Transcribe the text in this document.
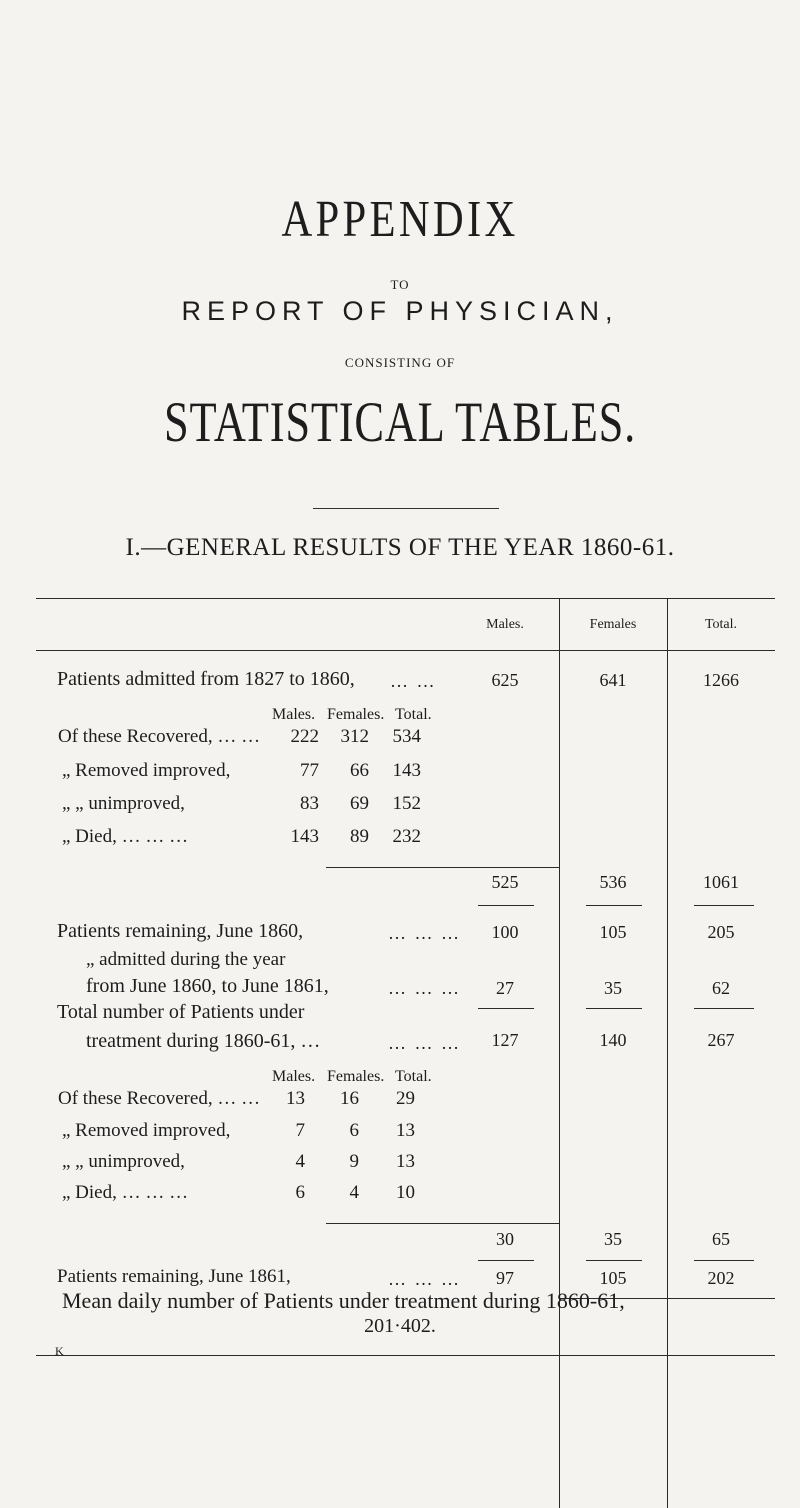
APPENDIX
TO
REPORT OF PHYSICIAN,
CONSISTING OF
STATISTICAL TABLES.
I.—GENERAL RESULTS OF THE YEAR 1860-61.
Males.	Females	Total.
Patients admitted from 1827 to 1860, … …	625	641	1266
Males. Females. Total.
Of these Recovered, … …	222	312	534
„ Removed improved,	77	66	143
„ „ unimproved,	83	69	152
„ Died, … … …	143	89	232
525	536	1061
Patients remaining, June 1860,	… … …	100	105	205
„ admitted during the year
from June 1860, to June 1861,	… … …	27	35	62
Total number of Patients under
treatment during 1860-61, …	… … …	127	140	267
Males. Females. Total.
Of these Recovered, … …	13	16	29
„ Removed improved,	7	6	13
„ „ unimproved,	4	9	13
„ Died, … … …	6	4	10
30	35	65
Patients remaining, June 1861,	… … …	97	105	202
Mean daily number of Patients under treatment during 1860-61,
201·402.
K
